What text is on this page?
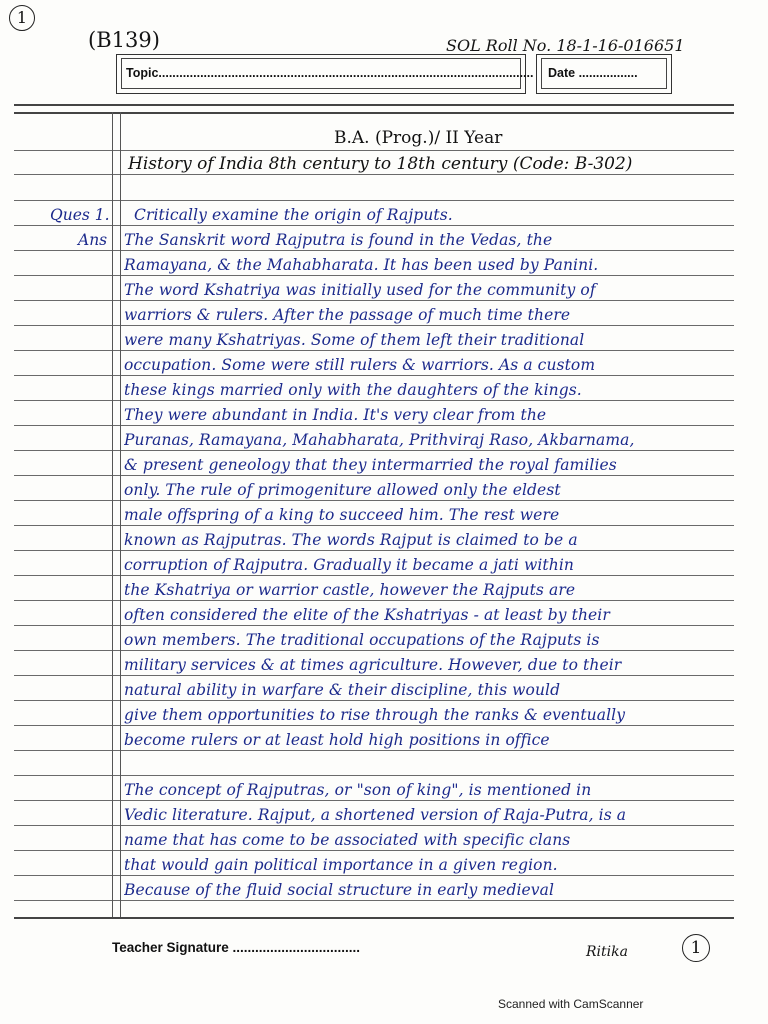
1
(B139)	SOL Roll No. 18-1-16-016651
Topic............................................................................................................ Date .................
B.A. (Prog.)/ II Year
History of India 8th century to 18th century (Code: B-302)
Ques 1. Critically examine the origin of Rajputs.
Ans The Sanskrit word Rajputra is found in the Vedas, the
Ramayana, & the Mahabharata. It has been used by Panini.
The word Kshatriya was initially used for the community of
warriors & rulers. After the passage of much time there
were many Kshatriyas. Some of them left their traditional
occupation. Some were still rulers & warriors. As a custom
these kings married only with the daughters of the kings.
They were abundant in India. It's very clear from the
Puranas, Ramayana, Mahabharata, Prithviraj Raso, Akbarnama,
& present geneology that they intermarried the royal families
only. The rule of primogeniture allowed only the eldest
male offspring of a king to succeed him. The rest were
known as Rajputras. The words Rajput is claimed to be a
corruption of Rajputra. Gradually it became a jati within
the Kshatriya or warrior castle, however the Rajputs are
often considered the elite of the Kshatriyas - at least by their
own members. The traditional occupations of the Rajputs is
military services & at times agriculture. However, due to their
natural ability in warfare & their discipline, this would
give them opportunities to rise through the ranks & eventually
become rulers or at least hold high positions in office
The concept of Rajputras, or "son of king", is mentioned in
Vedic literature. Rajput, a shortened version of Raja-Putra, is a
name that has come to be associated with specific clans
that would gain political importance in a given region.
Because of the fluid social structure in early medieval
Teacher Signature ..................................	Ritika	1
Scanned with CamScanner
